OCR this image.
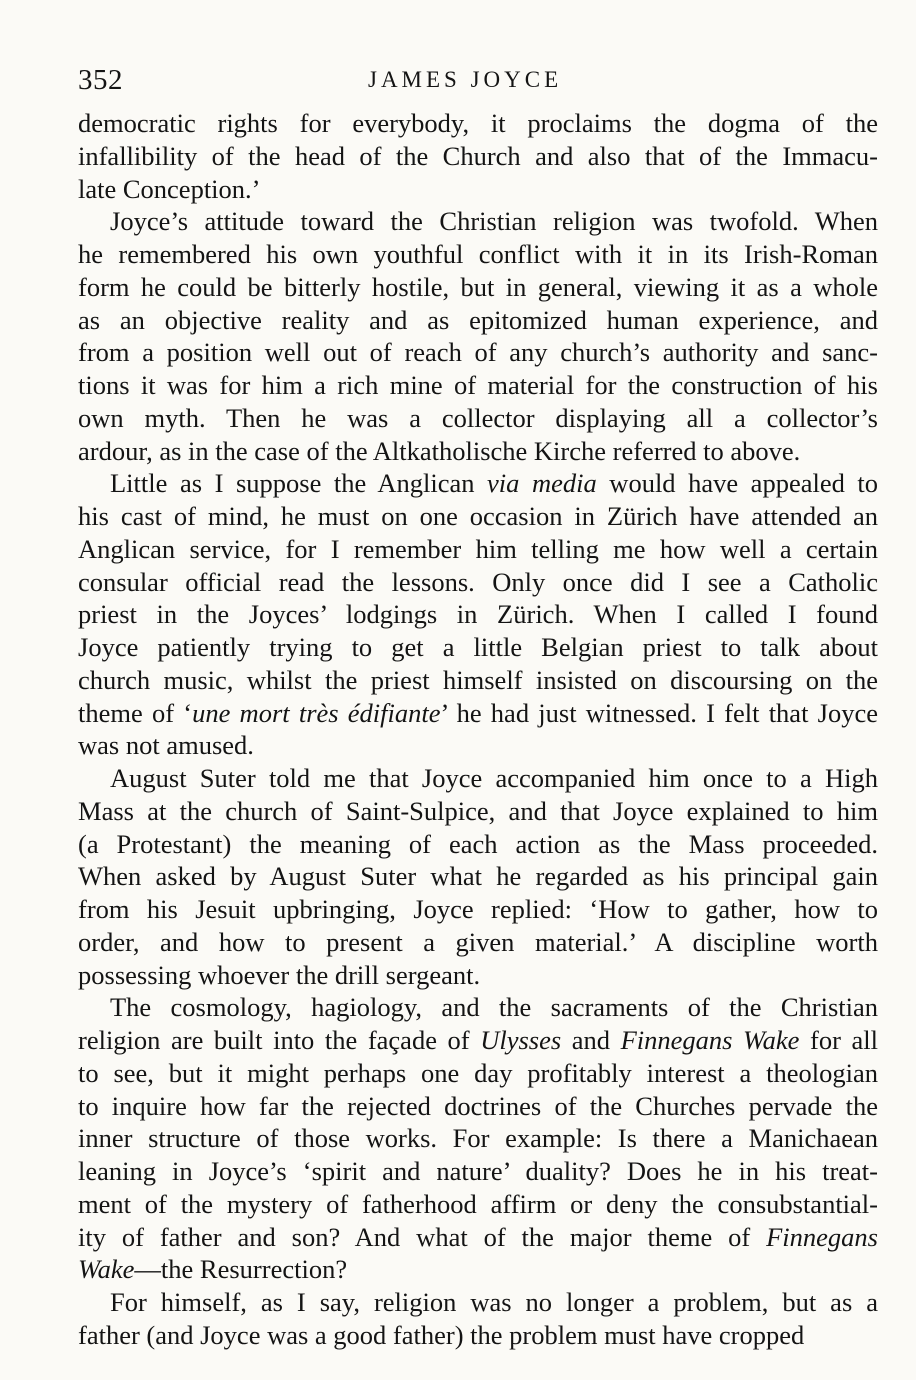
352	JAMES JOYCE
democratic rights for everybody, it proclaims the dogma of the
infallibility of the head of the Church and also that of the Immacu-
late Conception.’
Joyce’s attitude toward the Christian religion was twofold. When
he remembered his own youthful conflict with it in its Irish-Roman
form he could be bitterly hostile, but in general, viewing it as a whole
as an objective reality and as epitomized human experience, and
from a position well out of reach of any church’s authority and sanc-
tions it was for him a rich mine of material for the construction of his
own myth. Then he was a collector displaying all a collector’s
ardour, as in the case of the Altkatholische Kirche referred to above.
Little as I suppose the Anglican via media would have appealed to
his cast of mind, he must on one occasion in Zürich have attended an
Anglican service, for I remember him telling me how well a certain
consular official read the lessons. Only once did I see a Catholic
priest in the Joyces’ lodgings in Zürich. When I called I found
Joyce patiently trying to get a little Belgian priest to talk about
church music, whilst the priest himself insisted on discoursing on the
theme of ‘une mort très édifiante’ he had just witnessed. I felt that Joyce
was not amused.
August Suter told me that Joyce accompanied him once to a High
Mass at the church of Saint-Sulpice, and that Joyce explained to him
(a Protestant) the meaning of each action as the Mass proceeded.
When asked by August Suter what he regarded as his principal gain
from his Jesuit upbringing, Joyce replied: ‘How to gather, how to
order, and how to present a given material.’ A discipline worth
possessing whoever the drill sergeant.
The cosmology, hagiology, and the sacraments of the Christian
religion are built into the façade of Ulysses and Finnegans Wake for all
to see, but it might perhaps one day profitably interest a theologian
to inquire how far the rejected doctrines of the Churches pervade the
inner structure of those works. For example: Is there a Manichaean
leaning in Joyce’s ‘spirit and nature’ duality? Does he in his treat-
ment of the mystery of fatherhood affirm or deny the consubstantial-
ity of father and son? And what of the major theme of Finnegans
Wake—the Resurrection?
For himself, as I say, religion was no longer a problem, but as a
father (and Joyce was a good father) the problem must have cropped
